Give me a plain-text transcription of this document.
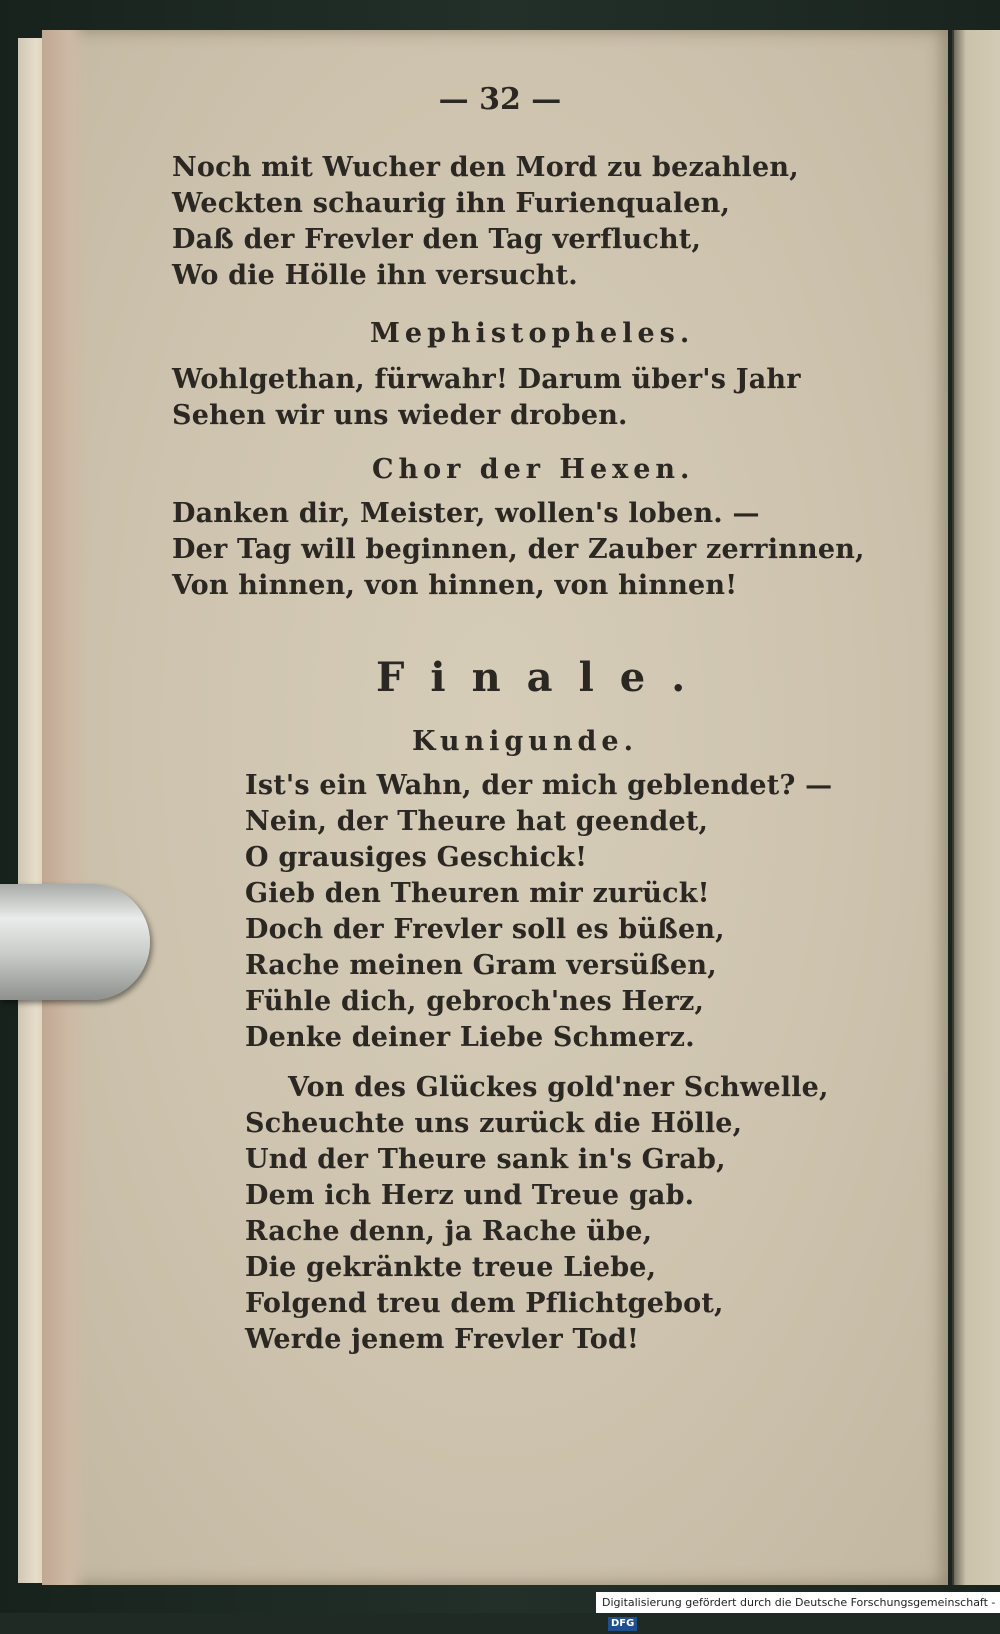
— 32 —
Noch mit Wucher den Mord zu bezahlen,
Weckten schaurig ihn Furienqualen,
Daß der Frevler den Tag verflucht,
Wo die Hölle ihn versucht.
Mephistopheles.
Wohlgethan, fürwahr! Darum über's Jahr
Sehen wir uns wieder droben.
Chor der Hexen.
Danken dir, Meister, wollen's loben. —
Der Tag will beginnen, der Zauber zerrinnen,
Von hinnen, von hinnen, von hinnen!
Finale.
Kunigunde.
Ist's ein Wahn, der mich geblendet? —
Nein, der Theure hat geendet,
O grausiges Geschick!
Gieb den Theuren mir zurück!
Doch der Frevler soll es büßen,
Rache meinen Gram versüßen,
Fühle dich, gebroch'nes Herz,
Denke deiner Liebe Schmerz.
Von des Glückes gold'ner Schwelle,
Scheuchte uns zurück die Hölle,
Und der Theure sank in's Grab,
Dem ich Herz und Treue gab.
Rache denn, ja Rache übe,
Die gekränkte treue Liebe,
Folgend treu dem Pflichtgebot,
Werde jenem Frevler Tod!
Digitalisierung gefördert durch die Deutsche Forschungsgemeinschaft - DFG
